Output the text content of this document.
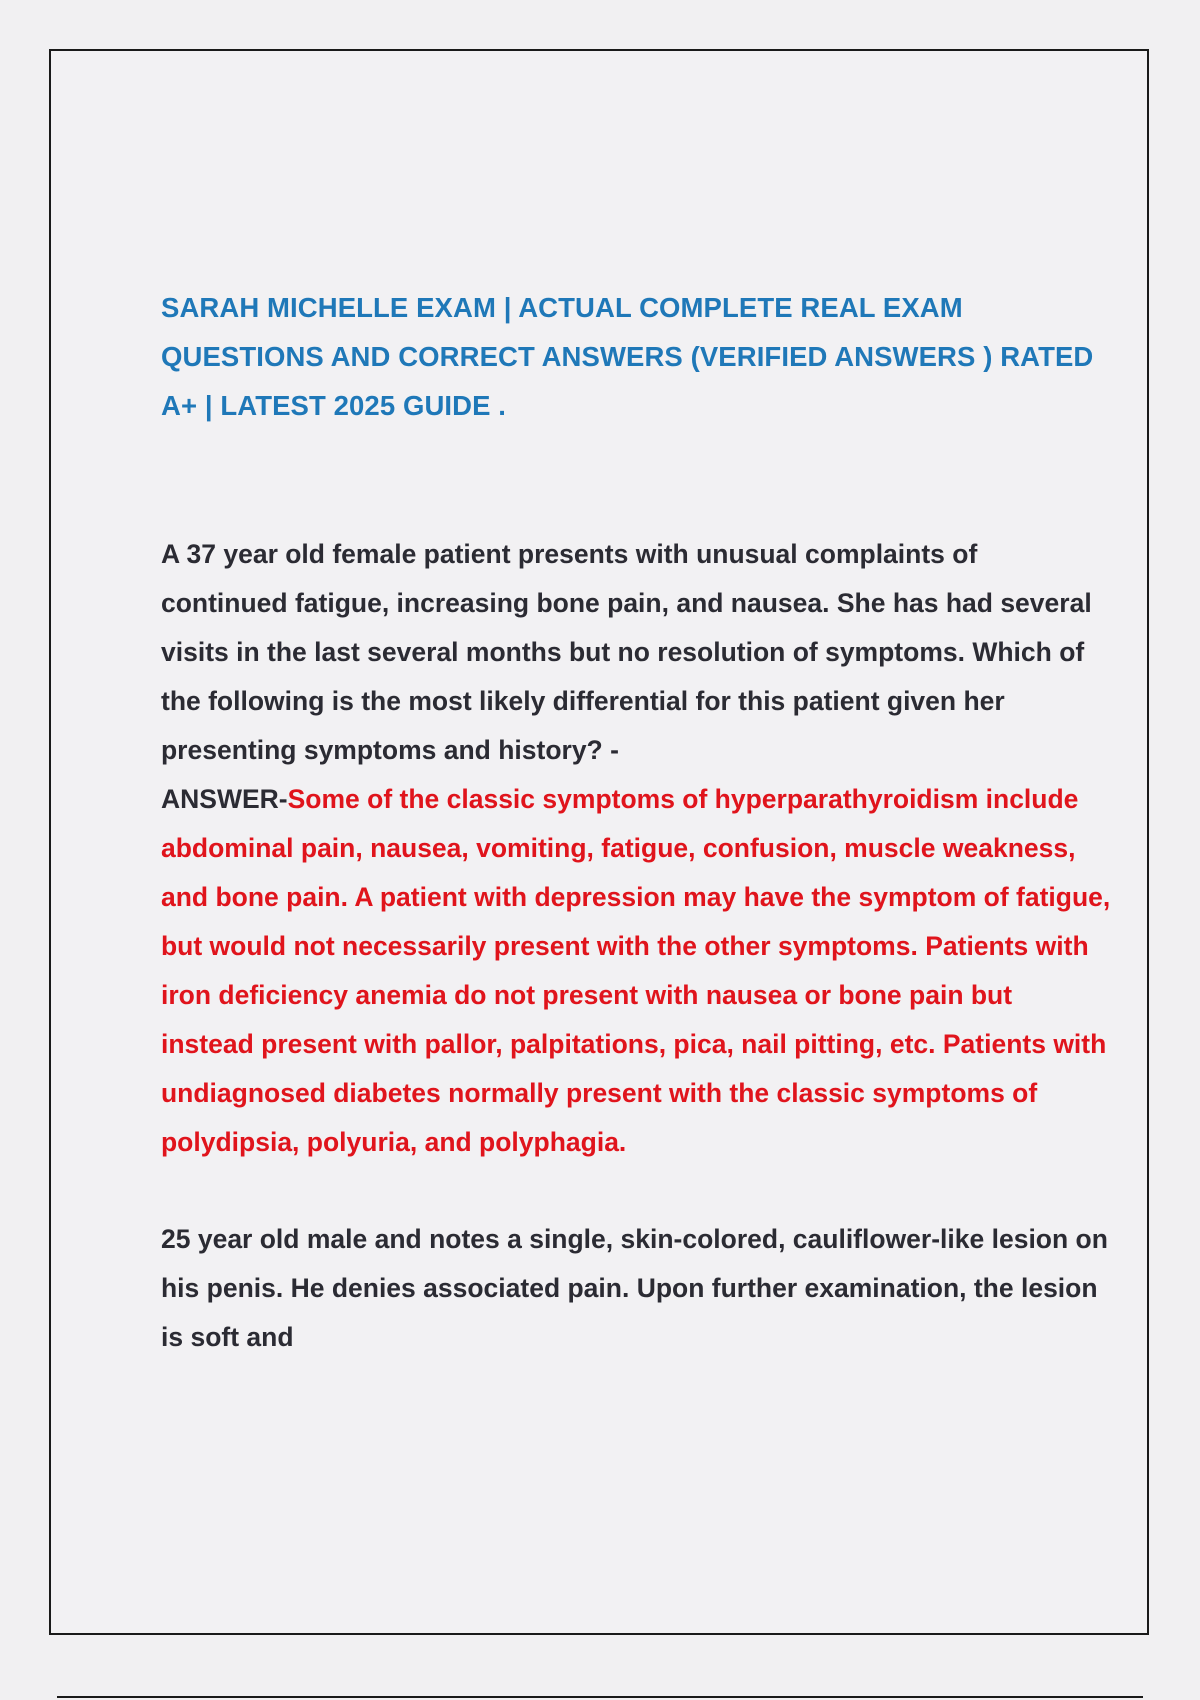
SARAH MICHELLE EXAM | ACTUAL COMPLETE REAL EXAM QUESTIONS AND CORRECT ANSWERS (VERIFIED ANSWERS ) RATED A+ | LATEST 2025 GUIDE .

A 37 year old female patient presents with unusual complaints of continued fatigue, increasing bone pain, and nausea. She has had several visits in the last several months but no resolution of symptoms. Which of the following is the most likely differential for this patient given her presenting symptoms and history? -
ANSWER-Some of the classic symptoms of hyperparathyroidism include abdominal pain, nausea, vomiting, fatigue, confusion, muscle weakness, and bone pain. A patient with depression may have the symptom of fatigue, but would not necessarily present with the other symptoms. Patients with iron deficiency anemia do not present with nausea or bone pain but instead present with pallor, palpitations, pica, nail pitting, etc. Patients with undiagnosed diabetes normally present with the classic symptoms of polydipsia, polyuria, and polyphagia.

25 year old male and notes a single, skin-colored, cauliflower-like lesion on his penis. He denies associated pain. Upon further examination, the lesion is soft and
